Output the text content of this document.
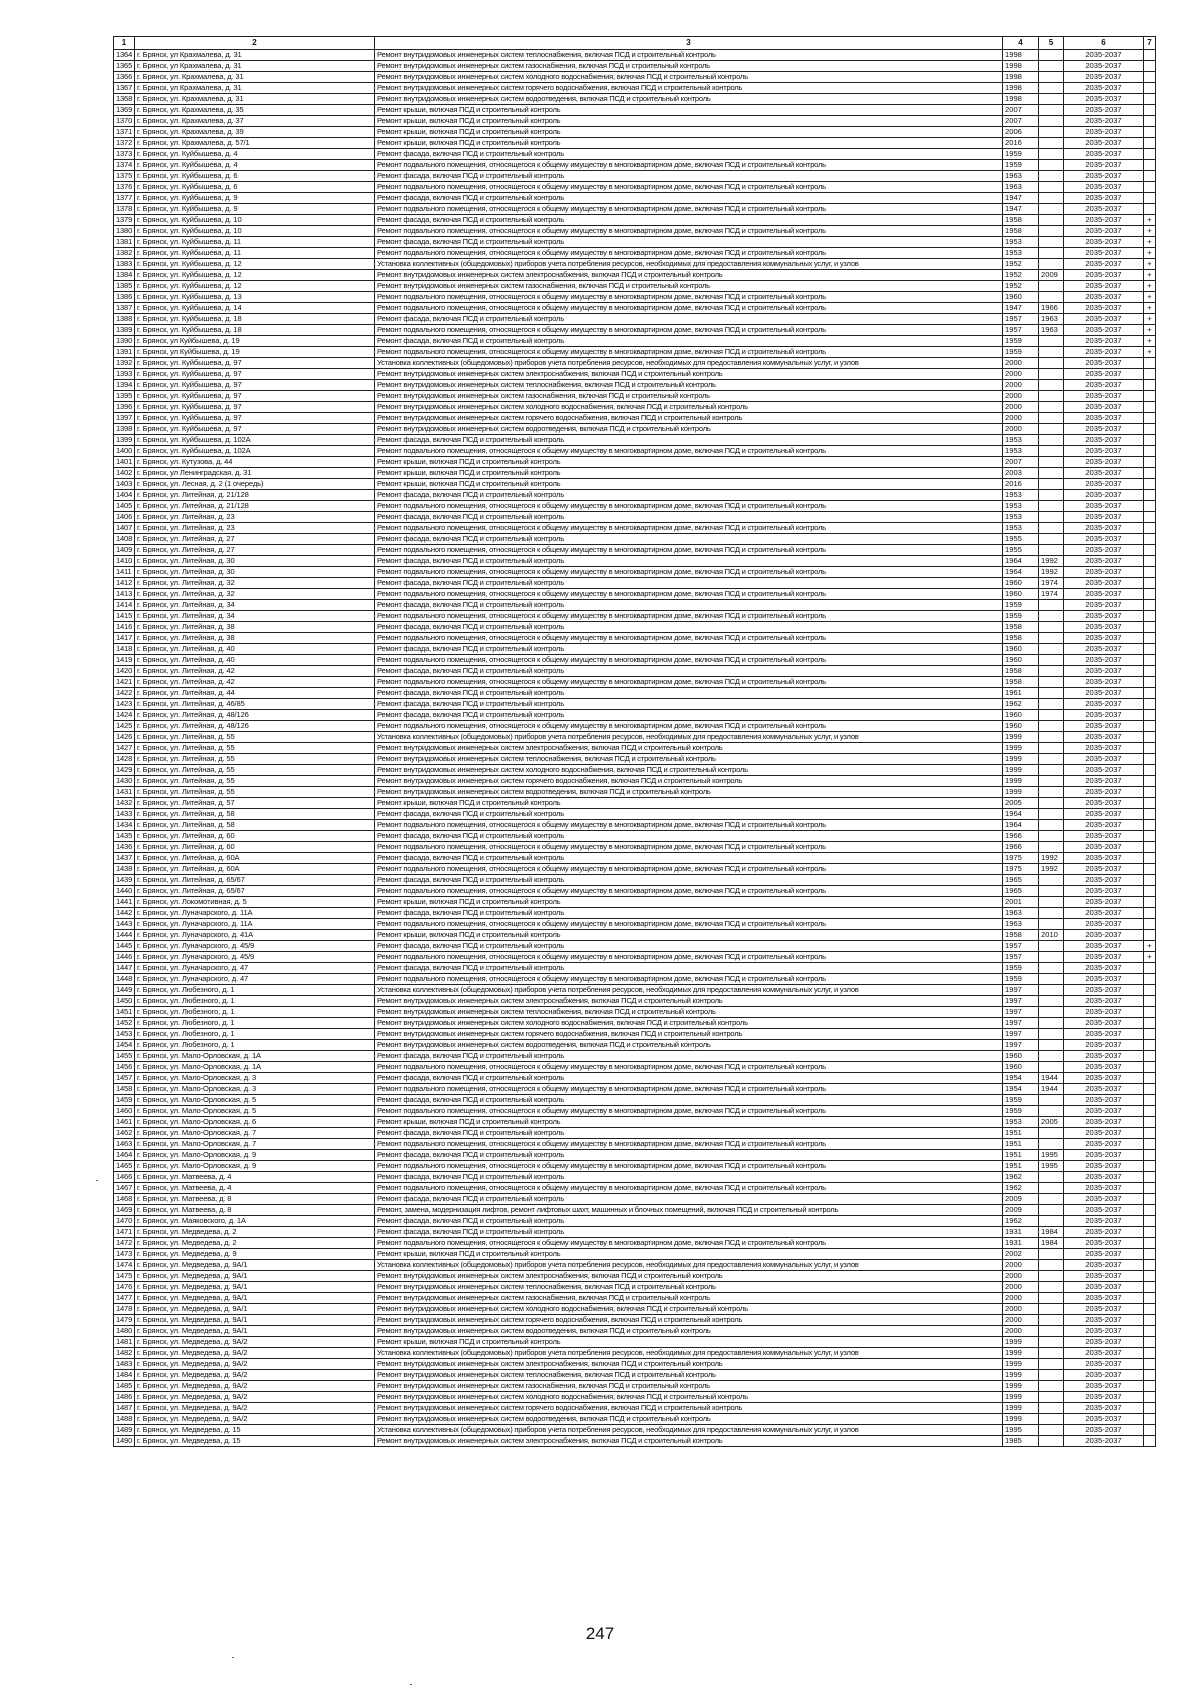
1	2	3	4	5	6	7
1364	г. Брянск, ул Крахмалева, д. 31	Ремонт внутридомовых инженерных систем теплоснабжения, включая ПСД и строительный контроль	1998		2035-2037	
1365	г. Брянск, ул Крахмалева, д. 31	Ремонт внутридомовых инженерных систем газоснабжения, включая ПСД и строительный контроль	1998		2035-2037	
1366	г. Брянск, ул. Крахмалева, д. 31	Ремонт внутридомовых инженерных систем холодного водоснабжения, включая ПСД и строительный контроль	1998		2035-2037	
1367	г. Брянск, ул Крахмалева, д. 31	Ремонт внутридомовых инженерных систем горячего водоснабжения, включая ПСД и строительный контроль	1998		2035-2037	
1368	г. Брянск, ул. Крахмалева, д. 31	Ремонт внутридомовых инженерных систем водоотведения, включая ПСД и строительный контроль	1998		2035-2037	
1369	г. Брянск, ул. Крахмалева, д. 35	Ремонт крыши, включая ПСД и строительный контроль	2007		2035-2037	
1370	г. Брянск, ул. Крахмалева, д. 37	Ремонт крыши, включая ПСД и строительный контроль	2007		2035-2037	
1371	г. Брянск, ул. Крахмалева, д. 39	Ремонт крыши, включая ПСД и строительный контроль	2006		2035-2037	
1372	г. Брянск, ул. Крахмалева, д. 57/1	Ремонт крыши, включая ПСД и строительный контроль	2016		2035-2037	
1373	г. Брянск, ул. Куйбышева, д. 4	Ремонт фасада, включая ПСД и строительный контроль	1959		2035-2037	
1374	г. Брянск, ул. Куйбышева, д. 4	Ремонт подвального помещения, относящегося к общему имуществу в многоквартирном доме, включая ПСД и строительный контроль	1959		2035-2037	
1375	г. Брянск, ул. Куйбышева, д. 6	Ремонт фасада, включая ПСД и строительный контроль	1963		2035-2037	
1376	г. Брянск, ул. Куйбышева, д. 6	Ремонт подвального помещения, относящегося к общему имуществу в многоквартирном доме, включая ПСД и строительный контроль	1963		2035-2037	
1377	г. Брянск, ул. Куйбышева, д. 9	Ремонт фасада, включая ПСД и строительный контроль	1947		2035-2037	
1378	г. Брянск, ул. Куйбышева, д. 9	Ремонт подвального помещения, относящегося к общему имуществу в многоквартирном доме, включая ПСД и строительный контроль	1947		2035-2037	
1379	г. Брянск, ул. Куйбышева, д. 10	Ремонт фасада, включая ПСД и строительный контроль	1958		2035-2037	+
1380	г. Брянск, ул. Куйбышева, д. 10	Ремонт подвального помещения, относящегося к общему имуществу в многоквартирном доме, включая ПСД и строительный контроль	1958		2035-2037	+
1381	г. Брянск, ул. Куйбышева, д. 11	Ремонт фасада, включая ПСД и строительный контроль	1953		2035-2037	+
1382	г. Брянск, ул. Куйбышева, д. 11	Ремонт подвального помещения, относящегося к общему имуществу в многоквартирном доме, включая ПСД и строительный контроль	1953		2035-2037	+
1383	г. Брянск, ул. Куйбышева, д. 12	Установка коллективных (общедомовых) приборов учета потребления ресурсов, необходимых для предоставления коммунальных услуг, и узлов	1952		2035-2037	+
1384	г. Брянск, ул. Куйбышева, д. 12	Ремонт внутридомовых инженерных систем электроснабжения, включая ПСД и строительный контроль	1952	2009	2035-2037	+
1385	г. Брянск, ул. Куйбышева, д. 12	Ремонт внутридомовых инженерных систем газоснабжения, включая ПСД и строительный контроль	1952		2035-2037	+
1386	г. Брянск, ул. Куйбышева, д. 13	Ремонт подвального помещения, относящегося к общему имуществу в многоквартирном доме, включая ПСД и строительный контроль	1960		2035-2037	+
1387	г. Брянск, ул. Куйбышева, д. 14	Ремонт подвального помещения, относящегося к общему имуществу в многоквартирном доме, включая ПСД и строительный контроль	1947	1966	2035-2037	+
1388	г. Брянск, ул. Куйбышева, д. 18	Ремонт фасада, включая ПСД и строительный контроль	1957	1963	2035-2037	+
1389	г. Брянск, ул. Куйбышева, д. 18	Ремонт подвального помещения, относящегося к общему имуществу в многоквартирном доме, включая ПСД и строительный контроль	1957	1963	2035-2037	+
1390	г. Брянск, ул Куйбышева, д. 19	Ремонт фасада, включая ПСД и строительный контроль	1959		2035-2037	+
1391	г. Брянск, ул Куйбышева, д. 19	Ремонт подвального помещения, относящегося к общему имуществу в многоквартирном доме, включая ПСД и строительный контроль	1959		2035-2037	+
1392	г. Брянск, ул. Куйбышева, д. 97	Установка коллективных (общедомовых) приборов учета потребления ресурсов, необходимых для предоставления коммунальных услуг, и узлов	2000		2035-2037	
1393	г. Брянск, ул. Куйбышева, д. 97	Ремонт внутридомовых инженерных систем электроснабжения, включая ПСД и строительный контроль	2000		2035-2037	
1394	г. Брянск, ул. Куйбышева, д. 97	Ремонт внутридомовых инженерных систем теплоснабжения, включая ПСД и строительный контроль	2000		2035-2037	
1395	г. Брянск, ул. Куйбышева, д. 97	Ремонт внутридомовых инженерных систем газоснабжения, включая ПСД и строительный контроль	2000		2035-2037	
1396	г. Брянск, ул. Куйбышева, д. 97	Ремонт внутридомовых инженерных систем холодного водоснабжения, включая ПСД и строительный контроль	2000		2035-2037	
1397	г. Брянск, ул. Куйбышева, д. 97	Ремонт внутридомовых инженерных систем горячего водоснабжения, включая ПСД и строительный контроль	2000		2035-2037	
1398	г. Брянск, ул. Куйбышева, д. 97	Ремонт внутридомовых инженерных систем водоотведения, включая ПСД и строительный контроль	2000		2035-2037	
1399	г. Брянск, ул. Куйбышева, д. 102А	Ремонт фасада, включая ПСД и строительный контроль	1953		2035-2037	
1400	г. Брянск, ул. Куйбышева, д. 102А	Ремонт подвального помещения, относящегося к общему имуществу в многоквартирном доме, включая ПСД и строительный контроль	1953		2035-2037	
1401	г. Брянск, ул. Кутузова, д. 44	Ремонт крыши, включая ПСД и строительный контроль	2007		2035-2037	
1402	г. Брянск, ул Ленинградская, д. 31	Ремонт крыши, включая ПСД и строительный контроль	2003		2035-2037	
1403	г. Брянск, ул. Лесная, д. 2 (1 очередь)	Ремонт крыши, включая ПСД и строительный контроль	2016		2035-2037	
1404	г. Брянск, ул. Литейная, д. 21/128	Ремонт фасада, включая ПСД и строительный контроль	1953		2035-2037	
1405	г. Брянск, ул. Литейная, д. 21/128	Ремонт подвального помещения, относящегося к общему имуществу в многоквартирном доме, включая ПСД и строительный контроль	1953		2035-2037	
1406	г. Брянск, ул. Литейная, д. 23	Ремонт фасада, включая ПСД и строительный контроль	1953		2035-2037	
1407	г. Брянск, ул. Литейная, д. 23	Ремонт подвального помещения, относящегося к общему имуществу в многоквартирном доме, включая ПСД и строительный контроль	1953		2035-2037	
1408	г. Брянск, ул. Литейная, д. 27	Ремонт фасада, включая ПСД и строительный контроль	1955		2035-2037	
1409	г. Брянск, ул. Литейная, д. 27	Ремонт подвального помещения, относящегося к общему имуществу в многоквартирном доме, включая ПСД и строительный контроль	1955		2035-2037	
1410	г. Брянск, ул. Литейная, д. 30	Ремонт фасада, включая ПСД и строительный контроль	1964	1992	2035-2037	
1411	г. Брянск, ул. Литейная, д. 30	Ремонт подвального помещения, относящегося к общему имуществу в многоквартирном доме, включая ПСД и строительный контроль	1964	1992	2035-2037	
1412	г. Брянск, ул. Литейная, д. 32	Ремонт фасада, включая ПСД и строительный контроль	1960	1974	2035-2037	
1413	г. Брянск, ул. Литейная, д. 32	Ремонт подвального помещения, относящегося к общему имуществу в многоквартирном доме, включая ПСД и строительный контроль	1960	1974	2035-2037	
1414	г. Брянск, ул. Литейная, д. 34	Ремонт фасада, включая ПСД и строительный контроль	1959		2035-2037	
1415	г. Брянск, ул. Литейная, д. 34	Ремонт подвального помещения, относящегося к общему имуществу в многоквартирном доме, включая ПСД и строительный контроль	1959		2035-2037	
1416	г. Брянск, ул. Литейная, д. 38	Ремонт фасада, включая ПСД и строительный контроль	1958		2035-2037	
1417	г. Брянск, ул. Литейная, д. 38	Ремонт подвального помещения, относящегося к общему имуществу в многоквартирном доме, включая ПСД и строительный контроль	1958		2035-2037	
1418	г. Брянск, ул. Литейная, д. 40	Ремонт фасада, включая ПСД и строительный контроль	1960		2035-2037	
1419	г. Брянск, ул. Литейная, д. 40	Ремонт подвального помещения, относящегося к общему имуществу в многоквартирном доме, включая ПСД и строительный контроль	1960		2035-2037	
1420	г. Брянск, ул. Литейная, д. 42	Ремонт фасада, включая ПСД и строительный контроль	1958		2035-2037	
1421	г. Брянск, ул. Литейная, д. 42	Ремонт подвального помещения, относящегося к общему имуществу в многоквартирном доме, включая ПСД и строительный контроль	1958		2035-2037	
1422	г. Брянск, ул. Литейная, д. 44	Ремонт фасада, включая ПСД и строительный контроль	1961		2035-2037	
1423	г. Брянск, ул. Литейная, д. 46/85	Ремонт фасада, включая ПСД и строительный контроль	1962		2035-2037	
1424	г. Брянск, ул. Литейная, д. 48/126	Ремонт фасада, включая ПСД и строительный контроль	1960		2035-2037	
1425	г. Брянск, ул. Литейная, д. 48/126	Ремонт подвального помещения, относящегося к общему имуществу в многоквартирном доме, включая ПСД и строительный контроль	1960		2035-2037	
1426	г. Брянск, ул. Литейная, д. 55	Установка коллективных (общедомовых) приборов учета потребления ресурсов, необходимых для предоставления коммунальных услуг, и узлов	1999		2035-2037	
1427	г. Брянск, ул. Литейная, д. 55	Ремонт внутридомовых инженерных систем электроснабжения, включая ПСД и строительный контроль	1999		2035-2037	
1428	г. Брянск, ул. Литейная, д. 55	Ремонт внутридомовых инженерных систем теплоснабжения, включая ПСД и строительный контроль	1999		2035-2037	
1429	г. Брянск, ул. Литейная, д. 55	Ремонт внутридомовых инженерных систем холодного водоснабжения, включая ПСД и строительный контроль	1999		2035-2037	
1430	г. Брянск, ул. Литейная, д. 55	Ремонт внутридомовых инженерных систем горячего водоснабжения, включая ПСД и строительный контроль	1999		2035-2037	
1431	г. Брянск, ул. Литейная, д. 55	Ремонт внутридомовых инженерных систем водоотведения, включая ПСД и строительный контроль	1999		2035-2037	
1432	г. Брянск, ул. Литейная, д. 57	Ремонт крыши, включая ПСД и строительный контроль	2005		2035-2037	
1433	г. Брянск, ул. Литейная, д. 58	Ремонт фасада, включая ПСД и строительный контроль	1964		2035-2037	
1434	г. Брянск, ул. Литейная, д. 58	Ремонт подвального помещения, относящегося к общему имуществу в многоквартирном доме, включая ПСД и строительный контроль	1964		2035-2037	
1435	г. Брянск, ул. Литейная, д. 60	Ремонт фасада, включая ПСД и строительный контроль	1966		2035-2037	
1436	г. Брянск, ул. Литейная, д. 60	Ремонт подвального помещения, относящегося к общему имуществу в многоквартирном доме, включая ПСД и строительный контроль	1966		2035-2037	
1437	г. Брянск, ул. Литейная, д. 60А	Ремонт фасада, включая ПСД и строительный контроль	1975	1992	2035-2037	
1438	г. Брянск, ул. Литейная, д. 60А	Ремонт подвального помещения, относящегося к общему имуществу в многоквартирном доме, включая ПСД и строительный контроль	1975	1992	2035-2037	
1439	г. Брянск, ул. Литейная, д. 65/67	Ремонт фасада, включая ПСД и строительный контроль	1965		2035-2037	
1440	г. Брянск, ул. Литейная, д. 65/67	Ремонт подвального помещения, относящегося к общему имуществу в многоквартирном доме, включая ПСД и строительный контроль	1965		2035-2037	
1441	г. Брянск, ул. Локомотивная, д. 5	Ремонт крыши, включая ПСД и строительный контроль	2001		2035-2037	
1442	г. Брянск, ул. Луначарского, д. 11А	Ремонт фасада, включая ПСД и строительный контроль	1963		2035-2037	
1443	г. Брянск, ул. Луначарского, д. 11А	Ремонт подвального помещения, относящегося к общему имуществу в многоквартирном доме, включая ПСД и строительный контроль	1963		2035-2037	
1444	г. Брянск, ул. Луначарского, д. 41А	Ремонт крыши, включая ПСД и строительный контроль	1958	2010	2035-2037	
1445	г. Брянск, ул. Луначарского, д. 45/9	Ремонт фасада, включая ПСД и строительный контроль	1957		2035-2037	+
1446	г. Брянск, ул. Луначарского, д. 45/9	Ремонт подвального помещения, относящегося к общему имуществу в многоквартирном доме, включая ПСД и строительный контроль	1957		2035-2037	+
1447	г. Брянск, ул. Луначарского, д. 47	Ремонт фасада, включая ПСД и строительный контроль	1959		2035-2037	
1448	г. Брянск, ул. Луначарского, д. 47	Ремонт подвального помещения, относящегося к общему имуществу в многоквартирном доме, включая ПСД и строительный контроль	1959		2035-2037	
1449	г. Брянск, ул. Любезного, д. 1	Установка коллективных (общедомовых) приборов учета потребления ресурсов, необходимых для предоставления коммунальных услуг, и узлов	1997		2035-2037	
1450	г. Брянск, ул. Любезного, д. 1	Ремонт внутридомовых инженерных систем электроснабжения, включая ПСД и строительный контроль	1997		2035-2037	
1451	г. Брянск, ул. Любезного, д. 1	Ремонт внутридомовых инженерных систем теплоснабжения, включая ПСД и строительный контроль	1997		2035-2037	
1452	г. Брянск, ул. Любезного, д. 1	Ремонт внутридомовых инженерных систем холодного водоснабжения, включая ПСД и строительный контроль	1997		2035-2037	
1453	г. Брянск, ул. Любезного, д. 1	Ремонт внутридомовых инженерных систем горячего водоснабжения, включая ПСД и строительный контроль	1997		2035-2037	
1454	г. Брянск, ул. Любезного, д. 1	Ремонт внутридомовых инженерных систем водоотведения, включая ПСД и строительный контроль	1997		2035-2037	
1455	г. Брянск, ул. Мало-Орловская, д. 1А	Ремонт фасада, включая ПСД и строительный контроль	1960		2035-2037	
1456	г. Брянск, ул. Мало-Орловская, д. 1А	Ремонт подвального помещения, относящегося к общему имуществу в многоквартирном доме, включая ПСД и строительный контроль	1960		2035-2037	
1457	г. Брянск, ул. Мало-Орловская, д. 3	Ремонт фасада, включая ПСД и строительный контроль	1954	1944	2035-2037	
1458	г. Брянск, ул. Мало-Орловская, д. 3	Ремонт подвального помещения, относящегося к общему имуществу в многоквартирном доме, включая ПСД и строительный контроль	1954	1944	2035-2037	
1459	г. Брянск, ул. Мало-Орловская, д. 5	Ремонт фасада, включая ПСД и строительный контроль	1959		2035-2037	
1460	г. Брянск, ул. Мало-Орловская, д. 5	Ремонт подвального помещения, относящегося к общему имуществу в многоквартирном доме, включая ПСД и строительный контроль	1959		2035-2037	
1461	г. Брянск, ул. Мало-Орловская, д. 6	Ремонт крыши, включая ПСД и строительный контроль	1953	2005	2035-2037	
1462	г. Брянск, ул. Мало-Орловская, д. 7	Ремонт фасада, включая ПСД и строительный контроль	1951		2035-2037	
1463	г. Брянск, ул. Мало-Орловская, д. 7	Ремонт подвального помещения, относящегося к общему имуществу в многоквартирном доме, включая ПСД и строительный контроль	1951		2035-2037	
1464	г. Брянск, ул. Мало-Орловская, д. 9	Ремонт фасада, включая ПСД и строительный контроль	1951	1995	2035-2037	
1465	г. Брянск, ул. Мало-Орловская, д. 9	Ремонт подвального помещения, относящегося к общему имуществу в многоквартирном доме, включая ПСД и строительный контроль	1951	1995	2035-2037	
1466	г. Брянск, ул. Матвеева, д. 4	Ремонт фасада, включая ПСД и строительный контроль	1962		2035-2037	
1467	г. Брянск, ул. Матвеева, д. 4	Ремонт подвального помещения, относящегося к общему имуществу в многоквартирном доме, включая ПСД и строительный контроль	1962		2035-2037	
1468	г. Брянск, ул. Матвеева, д. 8	Ремонт фасада, включая ПСД и строительный контроль	2009		2035-2037	
1469	г. Брянск, ул. Матвеева, д. 8	Ремонт, замена, модернизация лифтов, ремонт лифтовых шахт, машинных и блочных помещений, включая ПСД и строительный контроль	2009		2035-2037	
1470	г. Брянск, ул. Маяковского, д. 1А	Ремонт фасада, включая ПСД и строительный контроль	1962		2035-2037	
1471	г. Брянск, ул. Медведева, д. 2	Ремонт фасада, включая ПСД и строительный контроль	1931	1984	2035-2037	
1472	г. Брянск, ул. Медведева, д. 2	Ремонт подвального помещения, относящегося к общему имуществу в многоквартирном доме, включая ПСД и строительный контроль	1931	1984	2035-2037	
1473	г. Брянск, ул. Медведева, д. 9	Ремонт крыши, включая ПСД и строительный контроль	2002		2035-2037	
1474	г. Брянск, ул. Медведева, д. 9А/1	Установка коллективных (общедомовых) приборов учета потребления ресурсов, необходимых для предоставления коммунальных услуг, и узлов	2000		2035-2037	
1475	г. Брянск, ул. Медведева, д. 9А/1	Ремонт внутридомовых инженерных систем электроснабжения, включая ПСД и строительный контроль	2000		2035-2037	
1476	г. Брянск, ул. Медведева, д. 9А/1	Ремонт внутридомовых инженерных систем теплоснабжения, включая ПСД и строительный контроль	2000		2035-2037	
1477	г. Брянск, ул. Медведева, д. 9А/1	Ремонт внутридомовых инженерных систем газоснабжения, включая ПСД и строительный контроль	2000		2035-2037	
1478	г. Брянск, ул. Медведева, д. 9А/1	Ремонт внутридомовых инженерных систем холодного водоснабжения, включая ПСД и строительный контроль	2000		2035-2037	
1479	г. Брянск, ул. Медведева, д. 9А/1	Ремонт внутридомовых инженерных систем горячего водоснабжения, включая ПСД и строительный контроль	2000		2035-2037	
1480	г. Брянск, ул. Медведева, д. 9А/1	Ремонт внутридомовых инженерных систем водоотведения, включая ПСД и строительный контроль	2000		2035-2037	
1481	г. Брянск, ул. Медведева, д. 9А/2	Ремонт крыши, включая ПСД и строительный контроль	1999		2035-2037	
1482	г. Брянск, ул. Медведева, д. 9А/2	Установка коллективных (общедомовых) приборов учета потребления ресурсов, необходимых для предоставления коммунальных услуг, и узлов	1999		2035-2037	
1483	г. Брянск, ул. Медведева, д. 9А/2	Ремонт внутридомовых инженерных систем электроснабжения, включая ПСД и строительный контроль	1999		2035-2037	
1484	г. Брянск, ул. Медведева, д. 9А/2	Ремонт внутридомовых инженерных систем теплоснабжения, включая ПСД и строительный контроль	1999		2035-2037	
1485	г. Брянск, ул. Медведева, д. 9А/2	Ремонт внутридомовых инженерных систем газоснабжения, включая ПСД и строительный контроль	1999		2035-2037	
1486	г. Брянск, ул. Медведева, д. 9А/2	Ремонт внутридомовых инженерных систем холодного водоснабжения, включая ПСД и строительный контроль	1999		2035-2037	
1487	г. Брянск, ул. Медведева, д. 9А/2	Ремонт внутридомовых инженерных систем горячего водоснабжения, включая ПСД и строительный контроль	1999		2035-2037	
1488	г. Брянск, ул. Медведева, д. 9А/2	Ремонт внутридомовых инженерных систем водоотведения, включая ПСД и строительный контроль	1999		2035-2037	
1489	г. Брянск, ул. Медведева, д. 15	Установка коллективных (общедомовых) приборов учета потребления ресурсов, необходимых для предоставления коммунальных услуг, и узлов	1995		2035-2037	
1490	г. Брянск, ул. Медведева, д. 15	Ремонт внутридомовых инженерных систем электроснабжения, включая ПСД и строительный контроль	1985		2035-2037	
247
